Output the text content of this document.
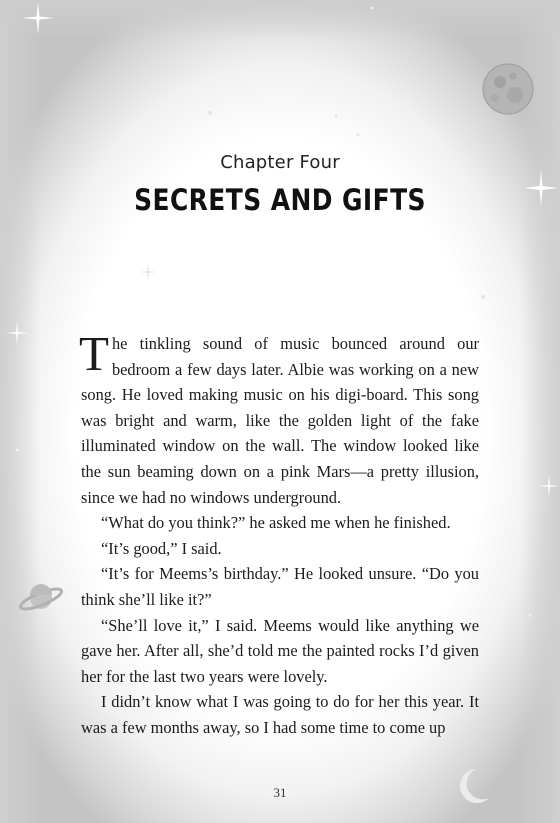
Chapter Four
SECRETS AND GIFTS

The tinkling sound of music bounced around our bedroom a few days later. Albie was working on a new song. He loved making music on his digi-board. This song was bright and warm, like the golden light of the fake illuminated window on the wall. The window looked like the sun beaming down on a pink Mars—a pretty illusion, since we had no windows underground.

“What do you think?” he asked me when he finished.

“It’s good,” I said.

“It’s for Meems’s birthday.” He looked unsure. “Do you think she’ll like it?”

“She’ll love it,” I said. Meems would like anything we gave her. After all, she’d told me the painted rocks I’d given her for the last two years were lovely.

I didn’t know what I was going to do for her this year. It was a few months away, so I had some time to come up

31
